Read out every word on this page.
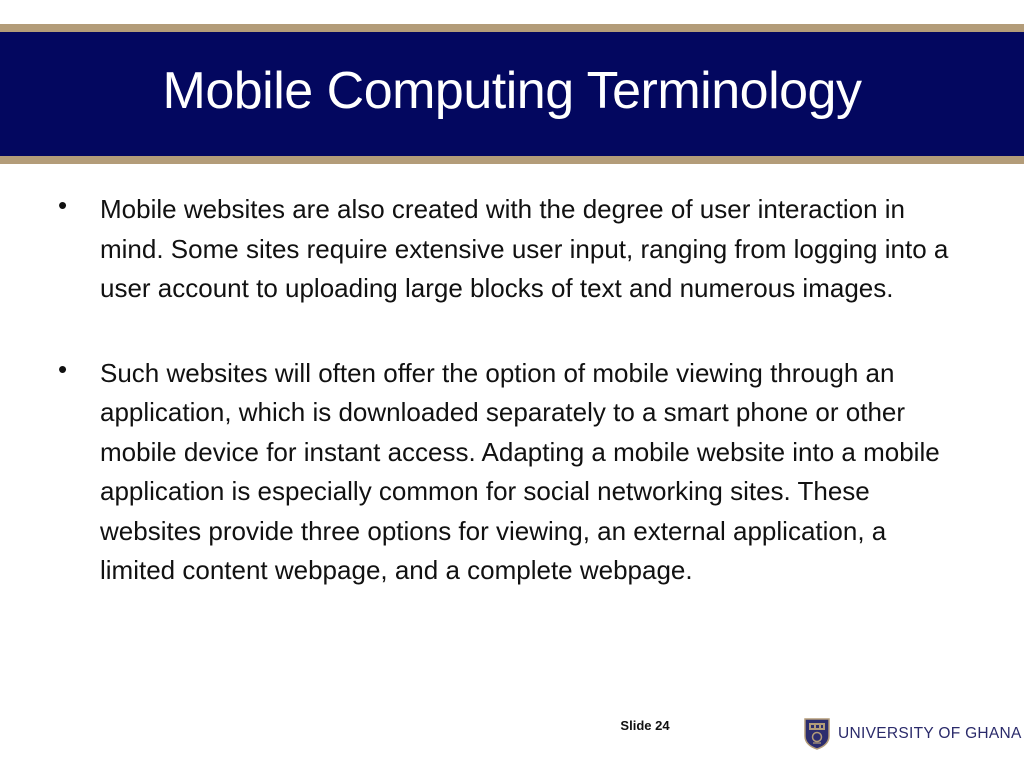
Mobile Computing Terminology
• Mobile websites are also created with the degree of user interaction in mind. Some sites require extensive user input, ranging from logging into a user account to uploading large blocks of text and numerous images.
• Such websites will often offer the option of mobile viewing through an application, which is downloaded separately to a smart phone or other mobile device for instant access. Adapting a mobile website into a mobile application is especially common for social networking sites. These websites provide three options for viewing, an external application, a limited content webpage, and a complete webpage.
Slide 24	UNIVERSITY OF GHANA
